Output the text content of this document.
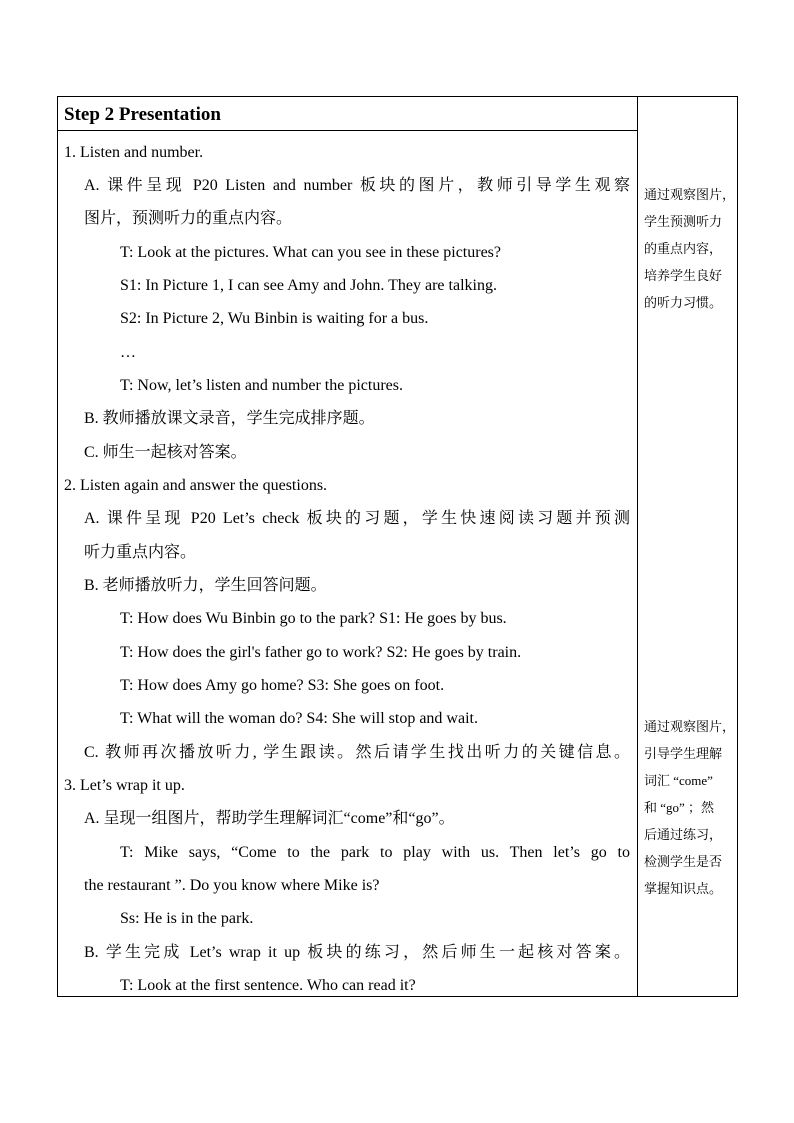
Step 2 Presentation
1. Listen and number.
A. 课件呈现 P20 Listen and number 板块的图片，教师引导学生观察
图片，预测听力的重点内容。
T: Look at the pictures. What can you see in these pictures?
S1: In Picture 1, I can see Amy and John. They are talking.
S2: In Picture 2, Wu Binbin is waiting for a bus.
…
T: Now, let’s listen and number the pictures.
B. 教师播放课文录音，学生完成排序题。
C. 师生一起核对答案。
2. Listen again and answer the questions.
A. 课件呈现 P20 Let’s check 板块的习题，学生快速阅读习题并预测
听力重点内容。
B. 老师播放听力，学生回答问题。
T: How does Wu Binbin go to the park? S1: He goes by bus.
T: How does the girl's father go to work? S2: He goes by train.
T: How does Amy go home? S3: She goes on foot.
T: What will the woman do? S4: She will stop and wait.
C. 教师再次播放听力, 学生跟读。然后请学生找出听力的关键信息。
3. Let’s wrap it up.
A. 呈现一组图片，帮助学生理解词汇“come”和“go”。
T: Mike says, “Come to the park to play with us. Then let’s go to
the restaurant ”. Do you know where Mike is?
Ss: He is in the park.
B. 学生完成 Let’s wrap it up 板块的练习，然后师生一起核对答案。
T: Look at the first sentence. Who can read it?
通过观察图片，
学生预测听力
的重点内容，
培养学生良好
的听力习惯。
通过观察图片，
引导学生理解
词汇 “come”
和 “go” ；然
后通过练习，
检测学生是否
掌握知识点。
